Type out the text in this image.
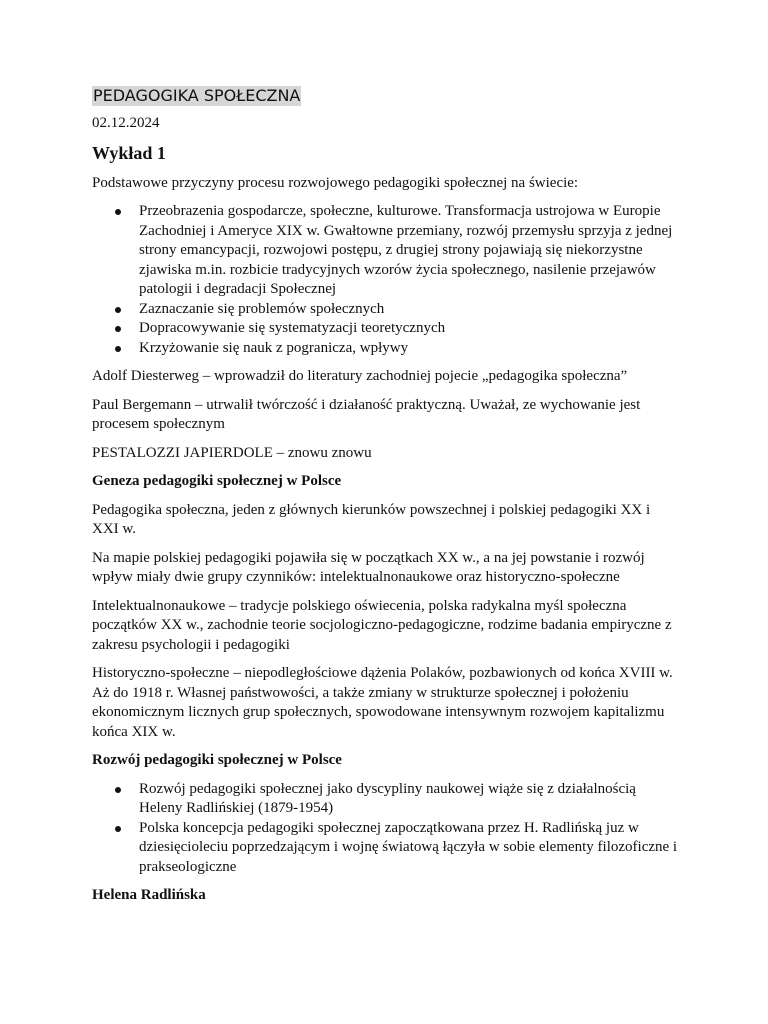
PEDAGOGIKA SPOŁECZNA
02.12.2024
Wykład 1

Podstawowe przyczyny procesu rozwojowego pedagogiki społecznej na świecie:

Przeobrazenia gospodarcze, społeczne, kulturowe. Transformacja ustrojowa w Europie Zachodniej i Ameryce XIX w. Gwałtowne przemiany, rozwój przemysłu sprzyja z jednej strony emancypacji, rozwojowi postępu, z drugiej strony pojawiają się niekorzystne zjawiska m.in. rozbicie tradycyjnych wzorów życia społecznego, nasilenie przejawów patologii i degradacji Społecznej
Zaznaczanie się problemów społecznych
Dopracowywanie się systematyzacji teoretycznych
Krzyżowanie się nauk z pogranicza, wpływy

Adolf Diesterweg – wprowadził do literatury zachodniej pojecie „pedagogika społeczna”

Paul Bergemann – utrwalił twórczość i działaność praktyczną. Uważał, ze wychowanie jest procesem społecznym

PESTALOZZI JAPIERDOLE – znowu znowu

Geneza pedagogiki społecznej w Polsce

Pedagogika społeczna, jeden z głównych kierunków powszechnej i polskiej pedagogiki XX i XXI w.

Na mapie polskiej pedagogiki pojawiła się w początkach XX w., a na jej powstanie i rozwój wpływ miały dwie grupy czynników: intelektualnonaukowe oraz historyczno-społeczne

Intelektualnonaukowe – tradycje polskiego oświecenia, polska radykalna myśl społeczna początków XX w., zachodnie teorie socjologiczno-pedagogiczne, rodzime badania empiryczne z zakresu psychologii i pedagogiki

Historyczno-społeczne – niepodległościowe dążenia Polaków, pozbawionych od końca XVIII w. Aż do 1918 r. Własnej państwowości, a także zmiany w strukturze społecznej i położeniu ekonomicznym licznych grup społecznych, spowodowane intensywnym rozwojem kapitalizmu końca XIX w.

Rozwój pedagogiki społecznej w Polsce
Rozwój pedagogiki społecznej jako dyscypliny naukowej wiąże się z działalnością Heleny Radlińskiej (1879-1954)
Polska koncepcja pedagogiki społecznej zapoczątkowana przez H. Radlińską juz w dziesięcioleciu poprzedzającym i wojnę światową łączyła w sobie elementy filozoficzne i prakseologiczne
Helena Radlińska
